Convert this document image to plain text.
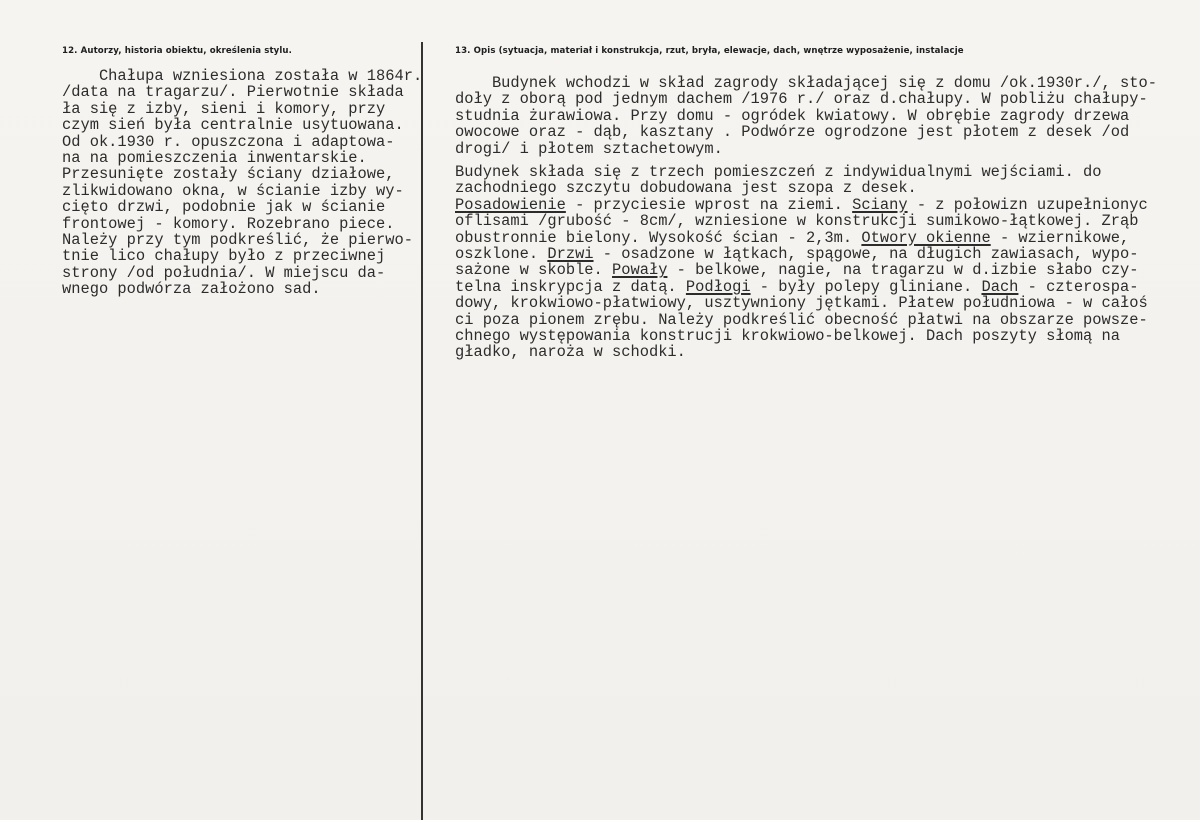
12. Autorzy, historia obiektu, określenia stylu.	13. Opis (sytuacja, materiał i konstrukcja, rzut, bryła, elewacje, dach, wnętrze wyposażenie, instalacje
Chałupa wzniesiona została w 1864r.
/data na tragarzu/. Pierwotnie składa
ła się z izby, sieni i komory, przy
czym sień była centralnie usytuowana.
Od ok.1930 r. opuszczona i adaptowa-
na na pomieszczenia inwentarskie.
Przesunięte zostały ściany działowe,
zlikwidowano okna, w ścianie izby wy-
cięto drzwi, podobnie jak w ścianie
frontowej - komory. Rozebrano piece.
Należy przy tym podkreślić, że pierwo-
tnie lico chałupy było z przeciwnej
strony /od południa/. W miejscu da-
wnego podwórza założono sad.
Budynek wchodzi w skład zagrody składającej się z domu /ok.1930r./, sto-
doły z oborą pod jednym dachem /1976 r./ oraz d.chałupy. W pobliżu chałupy-
studnia żurawiowa. Przy domu - ogródek kwiatowy. W obrębie zagrody drzewa
owocowe oraz - dąb, kasztany . Podwórze ogrodzone jest płotem z desek /od
drogi/ i płotem sztachetowym.
Budynek składa się z trzech pomieszczeń z indywidualnymi wejściami. do
zachodniego szczytu dobudowana jest szopa z desek.
Posadowienie - przyciesie wprost na ziemi. Sciany - z połowizn uzupełnionyc
oflisami /grubość - 8cm/, wzniesione w konstrukcji sumikowo-łątkowej. Zrąb
obustronnie bielony. Wysokość ścian - 2,3m. Otwory okienne - wziernikowe,
oszklone. Drzwi - osadzone w łątkach, spągowe, na długich zawiasach, wypo-
sażone w skoble. Powały - belkowe, nagie, na tragarzu w d.izbie słabo czy-
telna inskrypcja z datą. Podłogi - były polepy gliniane. Dach - czterospa-
dowy, krokwiowo-płatwiowy, usztywniony jętkami. Płatew południowa - w całoś
ci poza pionem zrębu. Należy podkreślić obecność płatwi na obszarze powsze-
chnego występowania konstrucji krokwiowo-belkowej. Dach poszyty słomą na
gładko, naroża w schodki.
